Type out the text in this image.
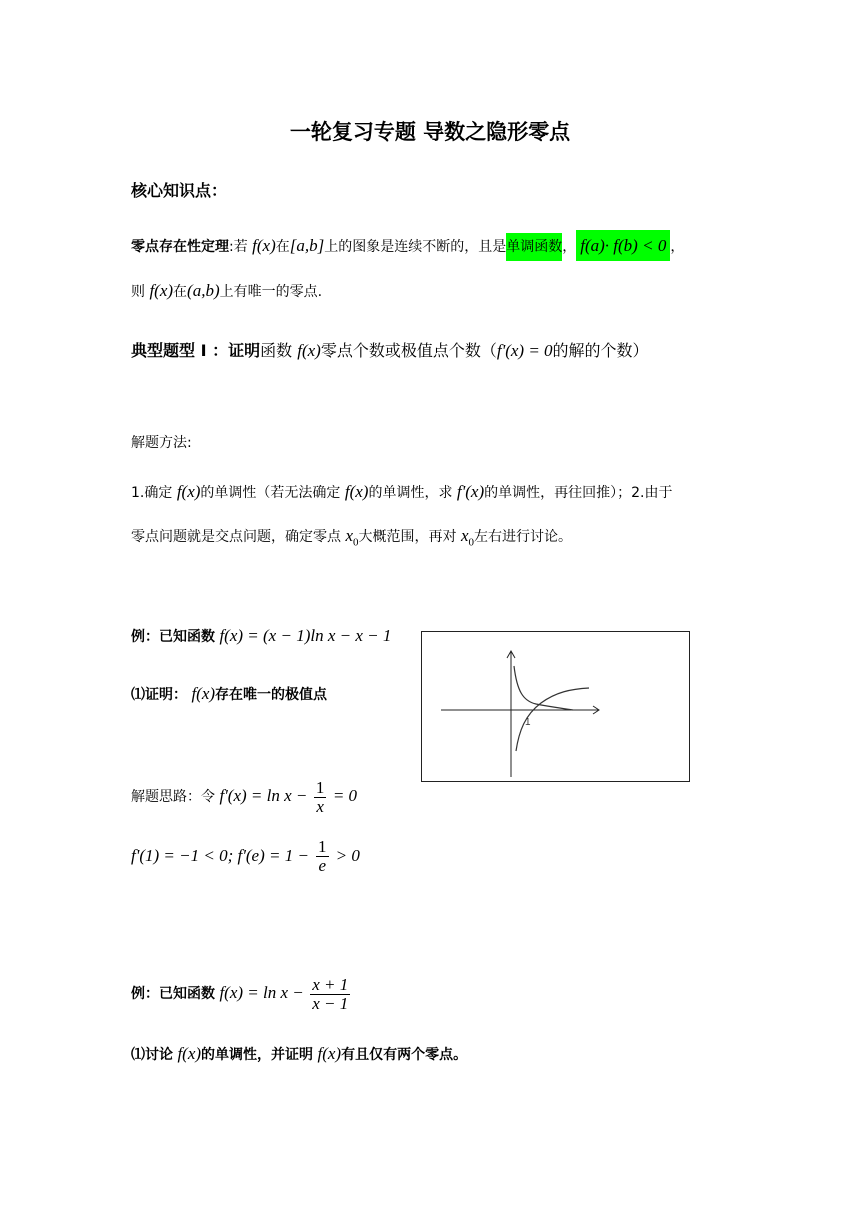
一轮复习专题 导数之隐形零点
核心知识点：
零点存在性定理:若 f(x)在[a,b]上的图象是连续不断的，且是单调函数， f(a)· f(b) < 0 ，
则 f(x)在(a,b)上有唯一的零点.
典型题型 I ：证明函数 f(x)零点个数或极值点个数（f'(x) = 0的解的个数）
解题方法:
1.确定 f(x)的单调性（若无法确定 f(x)的单调性，求 f'(x)的单调性，再往回推）；2.由于
零点问题就是交点问题，确定零点 $x_0$大概范围，再对 $x_0$左右进行讨论。
例：已知函数 f(x) = (x − 1)ln x − x − 1
⑴证明： f(x)存在唯一的极值点
1
解题思路：令 $f'(x) = \ln x - \frac{1}{x} = 0$
f'(1) = −1 < 0; $f'(e) = 1 - \frac{1}{e} > 0$
例：已知函数 $f(x) = \ln x - \frac{x + 1}{x - 1}$
⑴讨论 f(x)的单调性，并证明 f(x)有且仅有两个零点。
